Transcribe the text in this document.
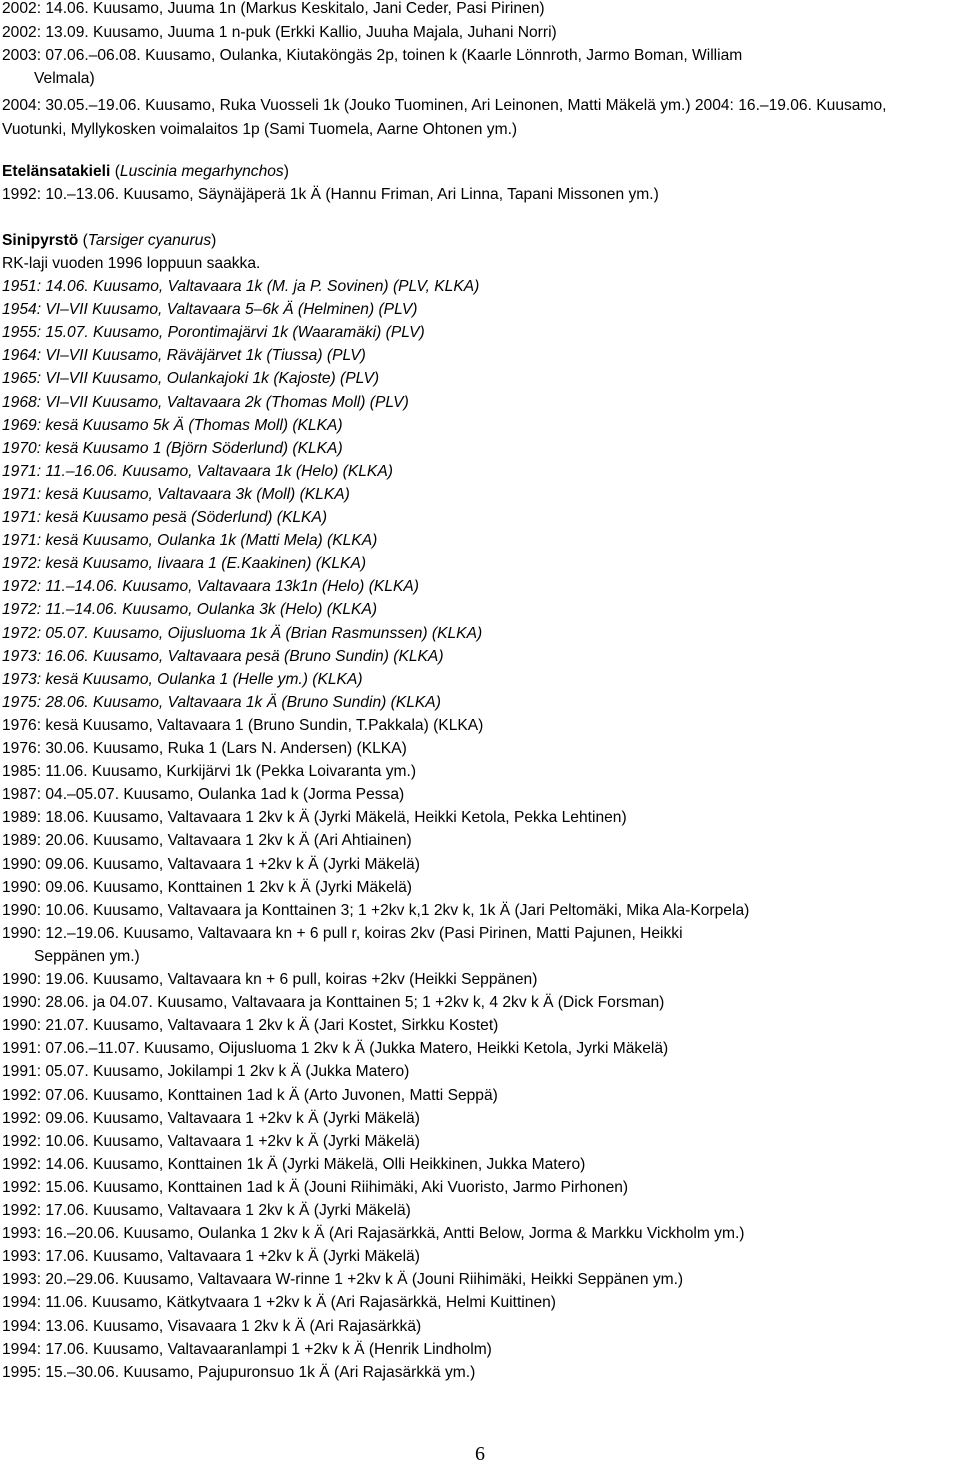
2002: 14.06. Kuusamo, Juuma 1n (Markus Keskitalo, Jani Ceder, Pasi Pirinen)
2002: 13.09. Kuusamo, Juuma 1 n-puk (Erkki Kallio, Juuha Majala, Juhani Norri)
2003: 07.06.–06.08. Kuusamo, Oulanka, Kiutaköngäs 2p, toinen k (Kaarle Lönnroth, Jarmo Boman, William
Velmala)
2004: 30.05.–19.06. Kuusamo, Ruka Vuosseli 1k (Jouko Tuominen, Ari Leinonen, Matti Mäkelä ym.) 2004: 16.–19.06. Kuusamo, Vuotunki, Myllykosken voimalaitos 1p (Sami Tuomela, Aarne Ohtonen ym.)
Etelänsatakieli (Luscinia megarhynchos)
1992: 10.–13.06. Kuusamo, Säynäjäperä 1k Ä (Hannu Friman, Ari Linna, Tapani Missonen ym.)
Sinipyrstö (Tarsiger cyanurus)
RK-laji vuoden 1996 loppuun saakka.
1951: 14.06. Kuusamo, Valtavaara 1k (M. ja P. Sovinen) (PLV, KLKA)
1954: VI–VII Kuusamo, Valtavaara 5–6k Ä (Helminen) (PLV)
1955: 15.07. Kuusamo, Porontimajärvi 1k (Waaramäki) (PLV)
1964: VI–VII Kuusamo, Räväjärvet 1k (Tiussa) (PLV)
1965: VI–VII Kuusamo, Oulankajoki 1k (Kajoste) (PLV)
1968: VI–VII Kuusamo, Valtavaara 2k (Thomas Moll) (PLV)
1969: kesä Kuusamo 5k Ä (Thomas Moll) (KLKA)
1970: kesä Kuusamo 1 (Björn Söderlund) (KLKA)
1971: 11.–16.06. Kuusamo, Valtavaara 1k (Helo) (KLKA)
1971: kesä Kuusamo, Valtavaara 3k (Moll) (KLKA)
1971: kesä Kuusamo pesä (Söderlund) (KLKA)
1971: kesä Kuusamo, Oulanka 1k (Matti Mela) (KLKA)
1972: kesä Kuusamo, Iivaara 1 (E.Kaakinen) (KLKA)
1972: 11.–14.06. Kuusamo, Valtavaara 13k1n (Helo) (KLKA)
1972: 11.–14.06. Kuusamo, Oulanka 3k (Helo) (KLKA)
1972: 05.07. Kuusamo, Oijusluoma 1k Ä (Brian Rasmunssen) (KLKA)
1973: 16.06. Kuusamo, Valtavaara pesä (Bruno Sundin) (KLKA)
1973: kesä Kuusamo, Oulanka 1 (Helle ym.) (KLKA)
1975: 28.06. Kuusamo, Valtavaara 1k Ä (Bruno Sundin) (KLKA)
1976: kesä Kuusamo, Valtavaara 1 (Bruno Sundin, T.Pakkala) (KLKA)
1976: 30.06. Kuusamo, Ruka 1 (Lars N. Andersen) (KLKA)
1985: 11.06. Kuusamo, Kurkijärvi 1k (Pekka Loivaranta ym.)
1987: 04.–05.07. Kuusamo, Oulanka 1ad k (Jorma Pessa)
1989: 18.06. Kuusamo, Valtavaara 1 2kv k Ä (Jyrki Mäkelä, Heikki Ketola, Pekka Lehtinen)
1989: 20.06. Kuusamo, Valtavaara 1 2kv k Ä (Ari Ahtiainen)
1990: 09.06. Kuusamo, Valtavaara 1 +2kv k Ä (Jyrki Mäkelä)
1990: 09.06. Kuusamo, Konttainen 1 2kv k Ä (Jyrki Mäkelä)
1990: 10.06. Kuusamo, Valtavaara ja Konttainen 3; 1 +2kv k,1 2kv k, 1k Ä (Jari Peltomäki, Mika Ala-Korpela)
1990: 12.–19.06. Kuusamo, Valtavaara kn + 6 pull r, koiras 2kv (Pasi Pirinen, Matti Pajunen, Heikki
Seppänen ym.)
1990: 19.06. Kuusamo, Valtavaara kn + 6 pull, koiras +2kv (Heikki Seppänen)
1990: 28.06. ja 04.07. Kuusamo, Valtavaara ja Konttainen 5; 1 +2kv k, 4 2kv k Ä (Dick Forsman)
1990: 21.07. Kuusamo, Valtavaara 1 2kv k Ä (Jari Kostet, Sirkku Kostet)
1991: 07.06.–11.07. Kuusamo, Oijusluoma 1 2kv k Ä (Jukka Matero, Heikki Ketola, Jyrki Mäkelä)
1991: 05.07. Kuusamo, Jokilampi 1 2kv k Ä (Jukka Matero)
1992: 07.06. Kuusamo, Konttainen 1ad k Ä (Arto Juvonen, Matti Seppä)
1992: 09.06. Kuusamo, Valtavaara 1 +2kv k Ä (Jyrki Mäkelä)
1992: 10.06. Kuusamo, Valtavaara 1 +2kv k Ä (Jyrki Mäkelä)
1992: 14.06. Kuusamo, Konttainen 1k Ä (Jyrki Mäkelä, Olli Heikkinen, Jukka Matero)
1992: 15.06. Kuusamo, Konttainen 1ad k Ä (Jouni Riihimäki, Aki Vuoristo, Jarmo Pirhonen)
1992: 17.06. Kuusamo, Valtavaara 1 2kv k Ä (Jyrki Mäkelä)
1993: 16.–20.06. Kuusamo, Oulanka 1 2kv k Ä (Ari Rajasärkkä, Antti Below, Jorma & Markku Vickholm ym.)
1993: 17.06. Kuusamo, Valtavaara 1 +2kv k Ä (Jyrki Mäkelä)
1993: 20.–29.06. Kuusamo, Valtavaara W-rinne 1 +2kv k Ä (Jouni Riihimäki, Heikki Seppänen ym.)
1994: 11.06. Kuusamo, Kätkytvaara 1 +2kv k Ä (Ari Rajasärkkä, Helmi Kuittinen)
1994: 13.06. Kuusamo, Visavaara 1 2kv k Ä (Ari Rajasärkkä)
1994: 17.06. Kuusamo, Valtavaaranlampi 1 +2kv k Ä (Henrik Lindholm)
1995: 15.–30.06. Kuusamo, Pajupuronsuo 1k Ä (Ari Rajasärkkä ym.)
6
